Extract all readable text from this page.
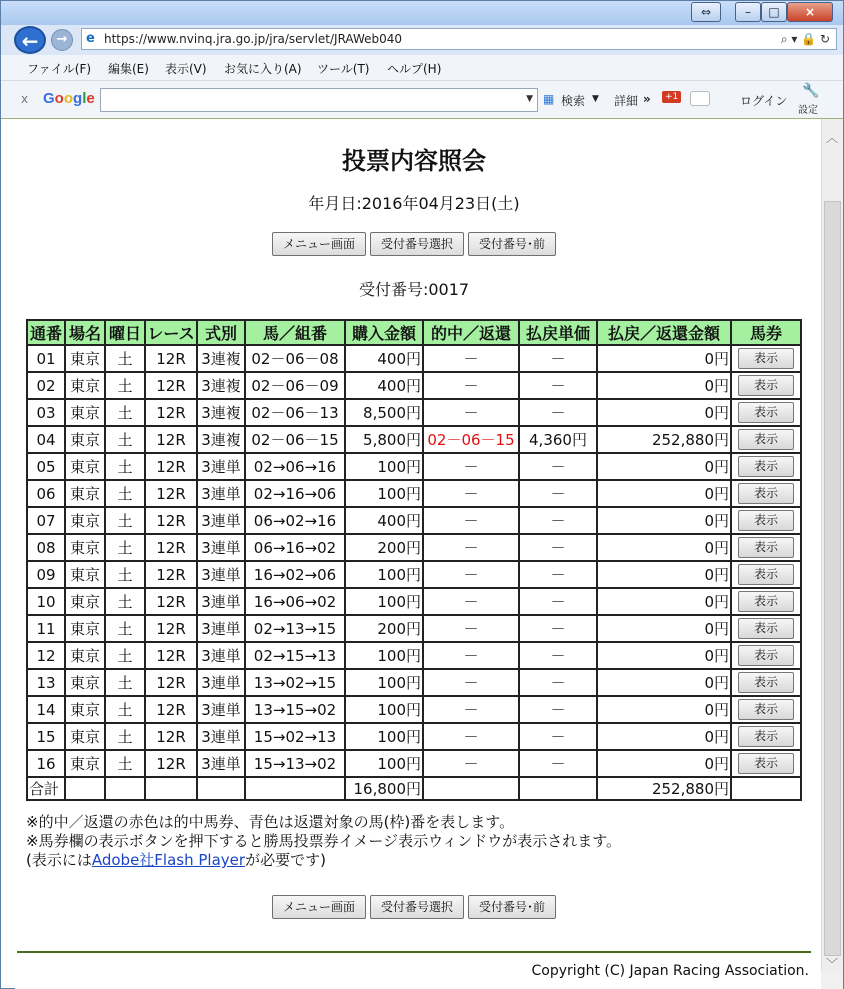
⇔	–	□	×
←	→	e https://www.nvinq.jra.go.jp/jra/servlet/JRAWeb040	⌕ ▾ 🔒 ↻
ファイル(F) 編集(E) 表示(V) お気に入り(A) ツール(T) ヘルプ(H)
x Google	▼ ▦ 検索 ▼ 詳細 »	+1	ログイン
🔧
設定
投票内容照会
年月日:2016年04月23日(土)
メニュー画面 受付番号選択 受付番号･前
受付番号:0017
通番	場名	曜日	レース	式別	馬／組番	購入金額	的中／返還	払戻単価	払戻／返還金額	馬券
01	東京	土	12R	3連複	02－06－08	400円	－	－	0円	表示
02	東京	土	12R	3連複	02－06－09	400円	－	－	0円	表示
03	東京	土	12R	3連複	02－06－13	8,500円	－	－	0円	表示
04	東京	土	12R	3連複	02－06－15	5,800円	02－06－15	4,360円	252,880円	表示
05	東京	土	12R	3連単	02→06→16	100円	－	－	0円	表示
06	東京	土	12R	3連単	02→16→06	100円	－	－	0円	表示
07	東京	土	12R	3連単	06→02→16	400円	－	－	0円	表示
08	東京	土	12R	3連単	06→16→02	200円	－	－	0円	表示
09	東京	土	12R	3連単	16→02→06	100円	－	－	0円	表示
10	東京	土	12R	3連単	16→06→02	100円	－	－	0円	表示
11	東京	土	12R	3連単	02→13→15	200円	－	－	0円	表示
12	東京	土	12R	3連単	02→15→13	100円	－	－	0円	表示
13	東京	土	12R	3連単	13→02→15	100円	－	－	0円	表示
14	東京	土	12R	3連単	13→15→02	100円	－	－	0円	表示
15	東京	土	12R	3連単	15→02→13	100円	－	－	0円	表示
16	東京	土	12R	3連単	15→13→02	100円	－	－	0円	表示
合計						16,800円			252,880円	
※的中／返還の赤色は的中馬券、青色は返還対象の馬(枠)番を表します。
※馬券欄の表示ボタンを押下すると勝馬投票券イメージ表示ウィンドウが表示されます。
(表示にはAdobe社Flash Playerが必要です)
メニュー画面 受付番号選択 受付番号･前
Copyright (C) Japan Racing Association.
︿
﹀
